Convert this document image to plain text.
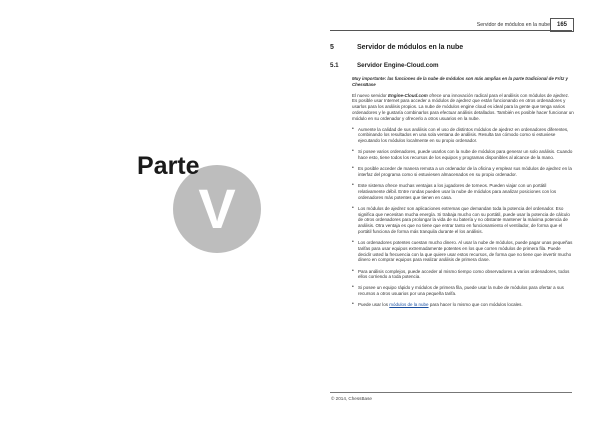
Servidor de módulos en la nube	165
V
Parte
5	Servidor de módulos en la nube
5.1	Servidor Engine-Cloud.com

Muy importante: las funciones de la nube de módulos son más amplias en la parte tradicional de Fritz y ChessBase

El nuevo servidor Engine-Cloud.com ofrece una innovación radical para el análisis con módulos de ajedrez. Es posible usar Internet para acceder a módulos de ajedrez que están funcionando en otros ordenadores y usarlos para los análisis propios. La nube de módulos engine cloud es ideal para la gente que tenga varios ordenadores y le gustaría combinarlos para efectuar análisis detallados. También es posible hacer funcionar un módulo en su ordenador y ofrecerlo a otros usuarios en la nube.

• Aumente la calidad de sus análisis con el uso de distintos módulos de ajedrez en ordenadores diferentes, combinando los resultados en una sola ventana de análisis. Resulta tan cómodo como si estuviese ejecutando los módulos localmente en su propio ordenador.
• Si posee varios ordenadores, puede usarlos con la nube de módulos para generar un solo análisis. Cuando hace esto, tiene todos los recursos de los equipos y programas disponibles al alcance de la mano.
• Es posible acceder de manera remota a un ordenador de la oficina y emplear sus módulos de ajedrez en la interfaz del programa como si estuviesen almacenados en su propio ordenador.
• Este sistema ofrece muchas ventajas a los jugadores de torneos. Pueden viajar con un portátil relativamente débil. Entre rondas pueden usar la nube de módulos para analizar posiciones con los ordenadores más potentes que tienen en casa.
• Los módulos de ajedrez son aplicaciones extremas que demandan toda la potencia del ordenador. Eso significa que necesitan mucha energía. Si trabaja mucho con su portátil, puede usar la potencia de cálculo de otros ordenadores para prolongar la vida de su batería y no obstante mantener la máxima potencia de análisis. Otra ventaja es que no tiene que entrar tanto en funcionamiento el ventilador, de forma que el portátil funciona de forma más tranquila durante el los análisis.
• Los ordenadores potentes cuestan mucho dinero. Al usar la nube de módulos, puede pagar unas pequeñas tarifas para usar equipos extremadamente potentes en los que corren módulos de primera fila. Puede decidir usted la frecuencia con la que quiere usar estos recursos, de forma que no tiene que invertir mucho dinero en comprar equipos para realizar análisis de primera clase.
• Para análisis complejos, puede acceder al mismo tiempo como observadores a varios ordenadores, todos ellos corriendo a toda potencia.
• Si posee un equipo rápido y módulos de primera fila, puede usar la nube de módulos para ofertar a sus recursos a otros usuarios por una pequeña tarifa.
• Puede usar los módulos de la nube para hacer lo mismo que con módulos locales.
© 2014, ChessBase
